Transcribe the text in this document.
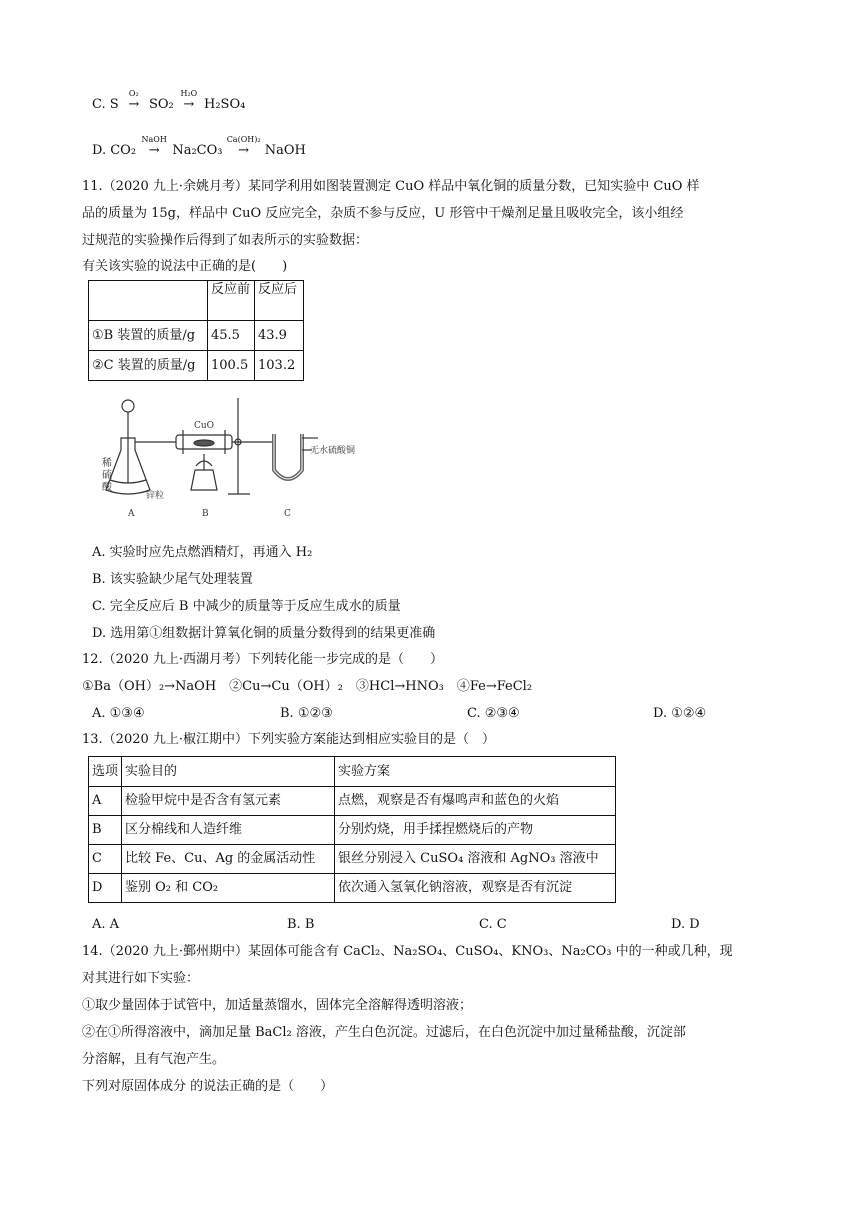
C. S
O₂
→ SO₂
H₂O
→ H₂SO₄
D. CO₂
NaOH
→ Na₂CO₃
Ca(OH)₂
→ NaOH
11.（2020 九上·余姚月考）某同学利用如图装置测定 CuO 样品中氧化铜的质量分数，已知实验中 CuO 样
品的质量为 15g，样品中 CuO 反应完全，杂质不参与反应，U 形管中干燥剂足量且吸收完全，该小组经
过规范的实验操作后得到了如表所示的实验数据：
有关该实验的说法中正确的是(　　)
	反应前	反应后
①B 装置的质量/g	45.5	43.9
②C 装置的质量/g	100.5	103.2
稀
硫
酸
锌粒
CuO
无水硫酸铜
A	B	C
A. 实验时应先点燃酒精灯，再通入 H₂
B. 该实验缺少尾气处理装置
C. 完全反应后 B 中减少的质量等于反应生成水的质量
D. 选用第①组数据计算氧化铜的质量分数得到的结果更准确
12.（2020 九上·西湖月考）下列转化能一步完成的是（　　）
①Ba（OH）₂→NaOH　②Cu→Cu（OH）₂　③HCl→HNO₃　④Fe→FeCl₂
A. ①③④	B. ①②③	C. ②③④	D. ①②④
13.（2020 九上·椒江期中）下列实验方案能达到相应实验目的是（　）
选项	实验目的	实验方案
A	检验甲烷中是否含有氢元素	点燃，观察是否有爆鸣声和蓝色的火焰
B	区分棉线和人造纤维	分别灼烧，用手揉捏燃烧后的产物
C	比较 Fe、Cu、Ag 的金属活动性	银丝分别浸入 CuSO₄ 溶液和 AgNO₃ 溶液中
D	鉴别 O₂ 和 CO₂	依次通入氢氧化钠溶液，观察是否有沉淀
A. A	B. B	C. C	D. D
14.（2020 九上·鄞州期中）某固体可能含有 CaCl₂、Na₂SO₄、CuSO₄、KNO₃、Na₂CO₃ 中的一种或几种，现
对其进行如下实验：
①取少量固体于试管中，加适量蒸馏水，固体完全溶解得透明溶液；
②在①所得溶液中，滴加足量 BaCl₂ 溶液，产生白色沉淀。过滤后，在白色沉淀中加过量稀盐酸，沉淀部
分溶解，且有气泡产生。
下列对原固体成分 的说法正确的是（　　）
